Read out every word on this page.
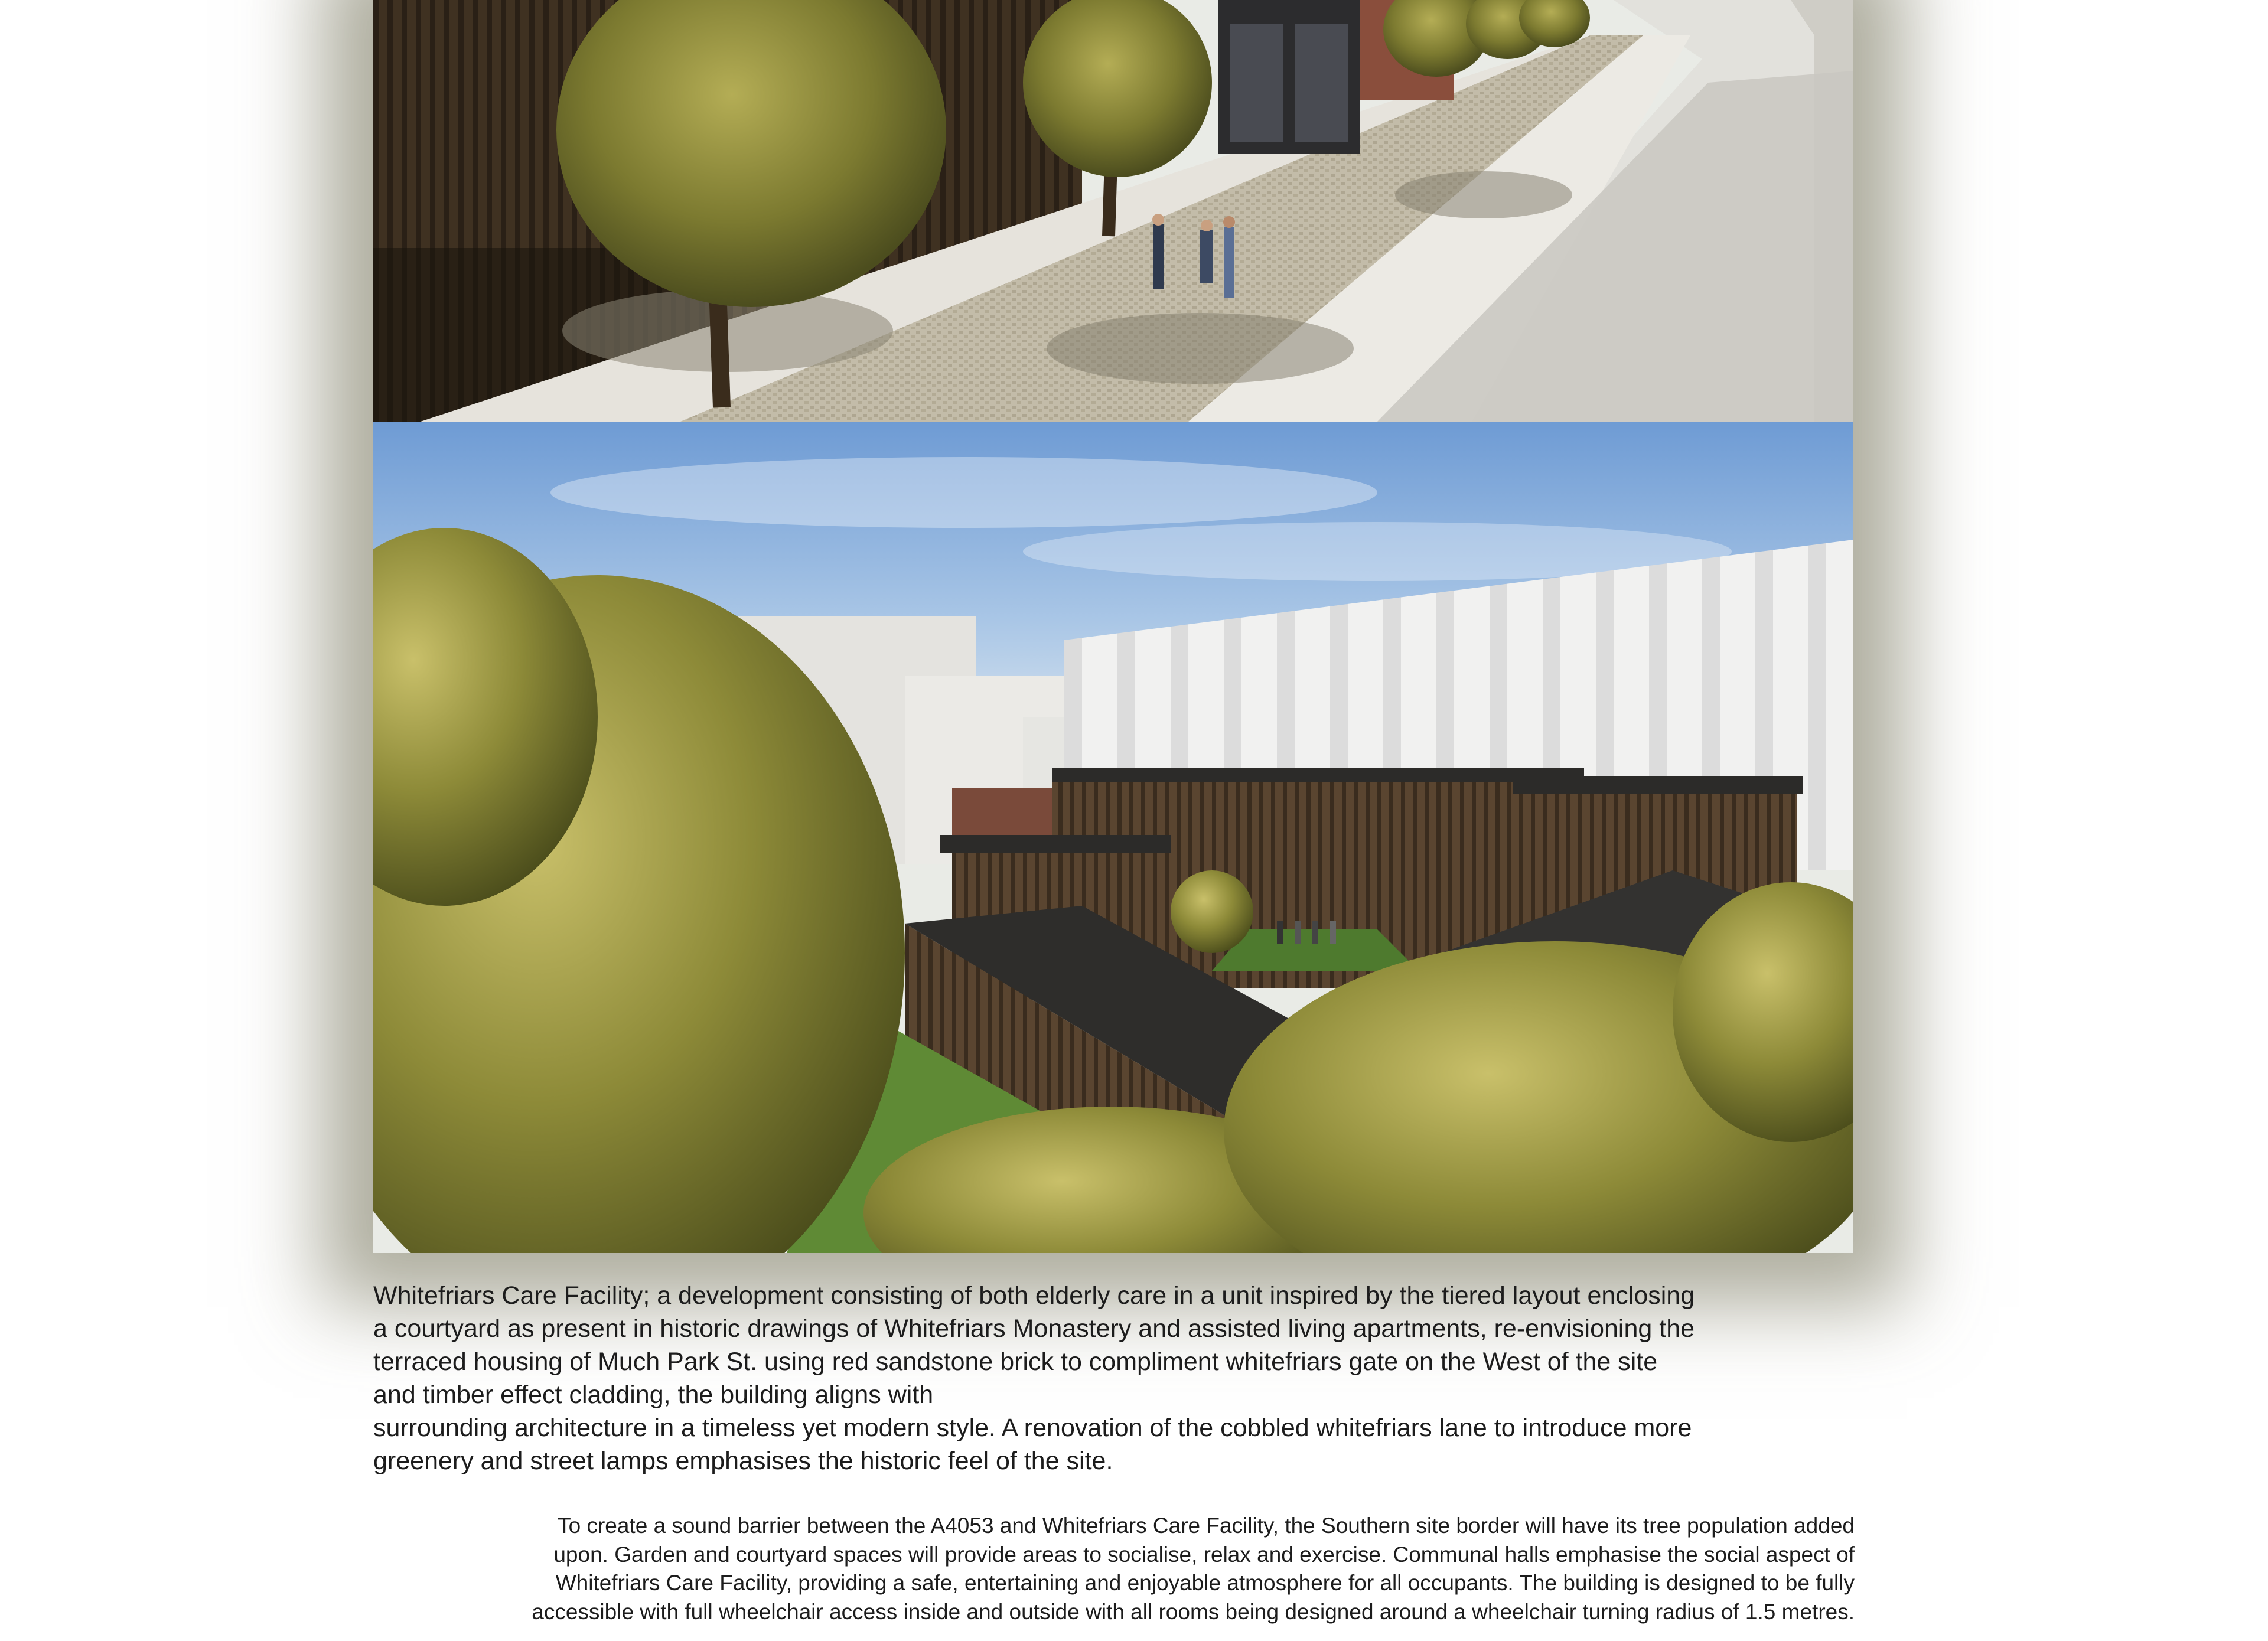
Whitefriars Care Facility; a development consisting of both elderly care in a unit inspired by the tiered layout enclosing
a courtyard as present in historic drawings of Whitefriars Monastery and assisted living apartments, re-envisioning the
terraced housing of Much Park St. using red sandstone brick to compliment whitefriars gate on the West of the site
and timber effect cladding, the building aligns with
surrounding architecture in a timeless yet modern style. A renovation of the cobbled whitefriars lane to introduce more
greenery and street lamps emphasises the historic feel of the site.

To create a sound barrier between the A4053 and Whitefriars Care Facility, the Southern site border will have its tree population added
upon. Garden and courtyard spaces will provide areas to socialise, relax and exercise. Communal halls emphasise the social aspect of
Whitefriars Care Facility, providing a safe, entertaining and enjoyable atmosphere for all occupants. The building is designed to be fully
accessible with full wheelchair access inside and outside with all rooms being designed around a wheelchair turning radius of 1.5 metres.
